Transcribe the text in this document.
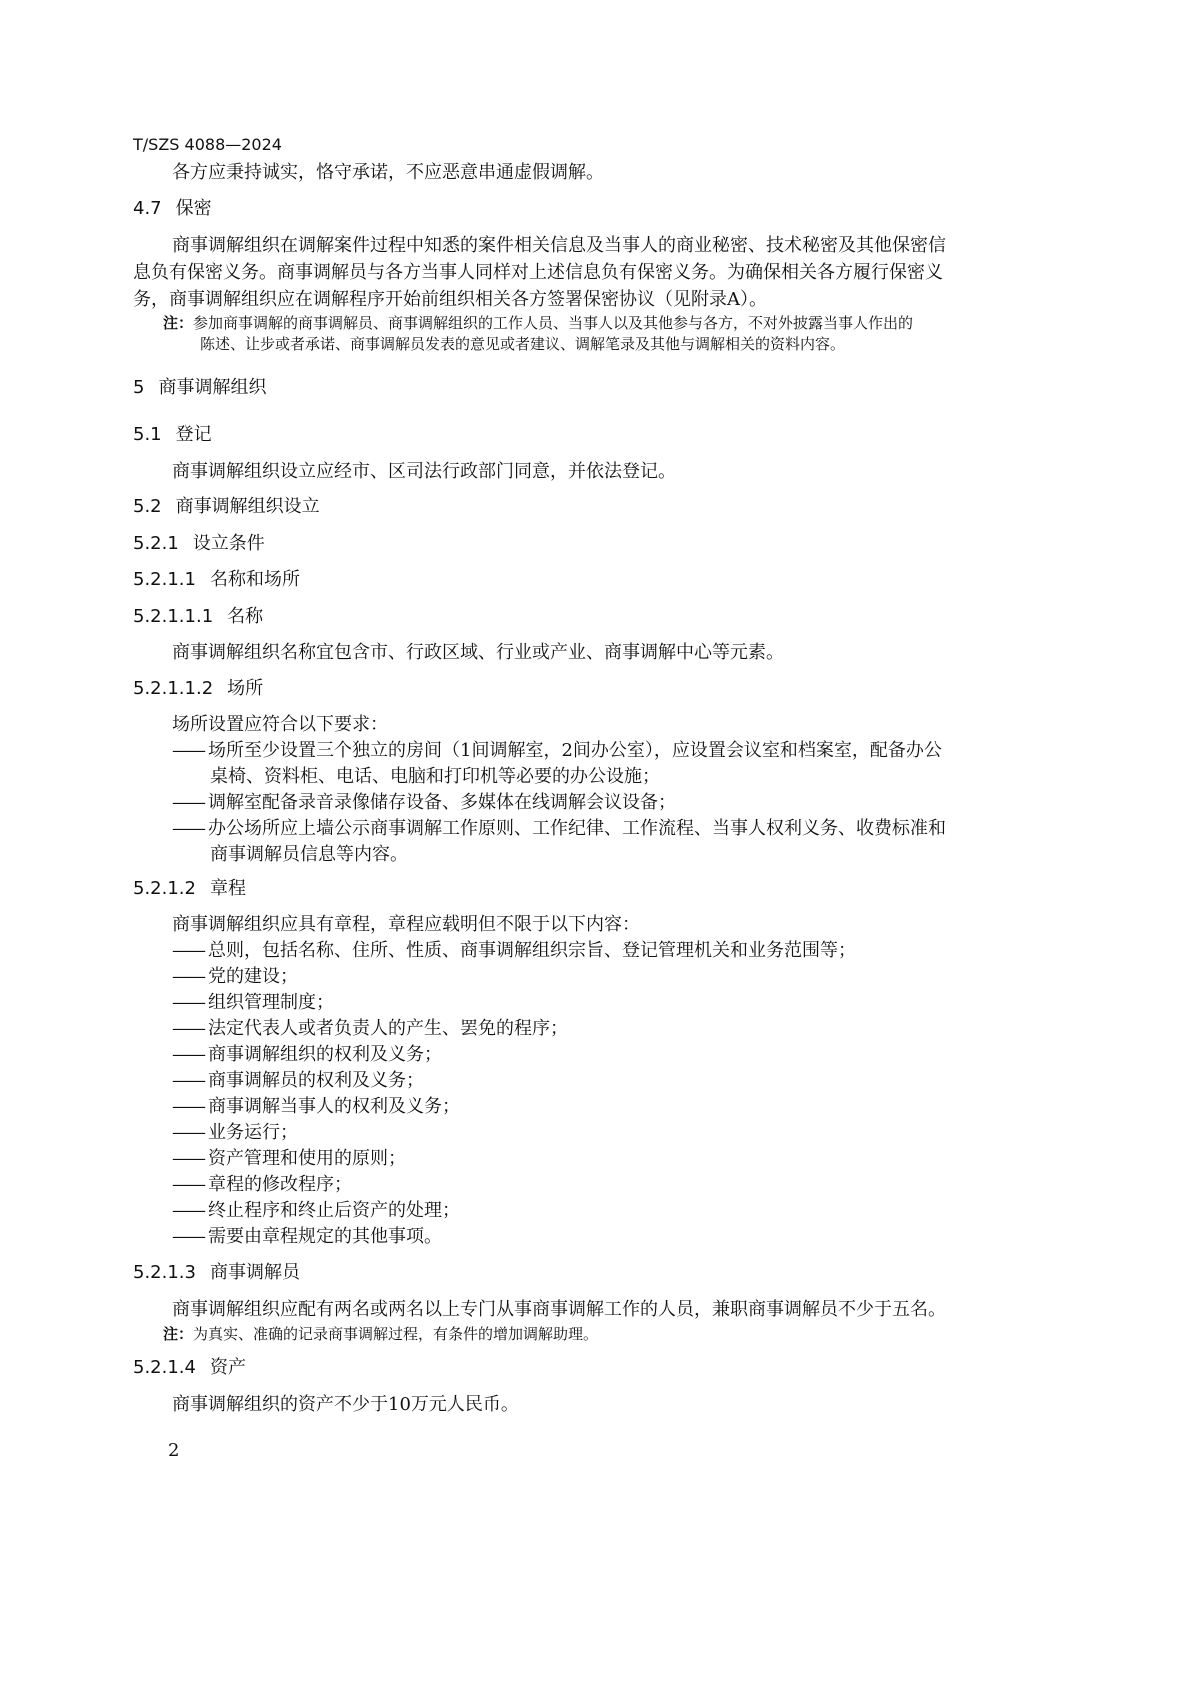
T/SZS 4088—2024
各方应秉持诚实，恪守承诺，不应恶意串通虚假调解。
4.7 保密
商事调解组织在调解案件过程中知悉的案件相关信息及当事人的商业秘密、技术秘密及其他保密信
息负有保密义务。商事调解员与各方当事人同样对上述信息负有保密义务。为确保相关各方履行保密义
务，商事调解组织应在调解程序开始前组织相关各方签署保密协议（见附录A）。
注：参加商事调解的商事调解员、商事调解组织的工作人员、当事人以及其他参与各方，不对外披露当事人作出的
陈述、让步或者承诺、商事调解员发表的意见或者建议、调解笔录及其他与调解相关的资料内容。
5 商事调解组织
5.1 登记
商事调解组织设立应经市、区司法行政部门同意，并依法登记。
5.2 商事调解组织设立
5.2.1 设立条件
5.2.1.1 名称和场所
5.2.1.1.1 名称
商事调解组织名称宜包含市、行政区域、行业或产业、商事调解中心等元素。
5.2.1.1.2 场所
场所设置应符合以下要求：
—— 场所至少设置三个独立的房间（1间调解室，2间办公室），应设置会议室和档案室，配备办公
桌椅、资料柜、电话、电脑和打印机等必要的办公设施；
—— 调解室配备录音录像储存设备、多媒体在线调解会议设备；
—— 办公场所应上墙公示商事调解工作原则、工作纪律、工作流程、当事人权利义务、收费标准和
商事调解员信息等内容。
5.2.1.2 章程
商事调解组织应具有章程，章程应载明但不限于以下内容：
—— 总则，包括名称、住所、性质、商事调解组织宗旨、登记管理机关和业务范围等；
—— 党的建设；
—— 组织管理制度；
—— 法定代表人或者负责人的产生、罢免的程序；
—— 商事调解组织的权利及义务；
—— 商事调解员的权利及义务；
—— 商事调解当事人的权利及义务；
—— 业务运行；
—— 资产管理和使用的原则；
—— 章程的修改程序；
—— 终止程序和终止后资产的处理；
—— 需要由章程规定的其他事项。
5.2.1.3 商事调解员
商事调解组织应配有两名或两名以上专门从事商事调解工作的人员，兼职商事调解员不少于五名。
注：为真实、准确的记录商事调解过程，有条件的增加调解助理。
5.2.1.4 资产
商事调解组织的资产不少于10万元人民币。
2
